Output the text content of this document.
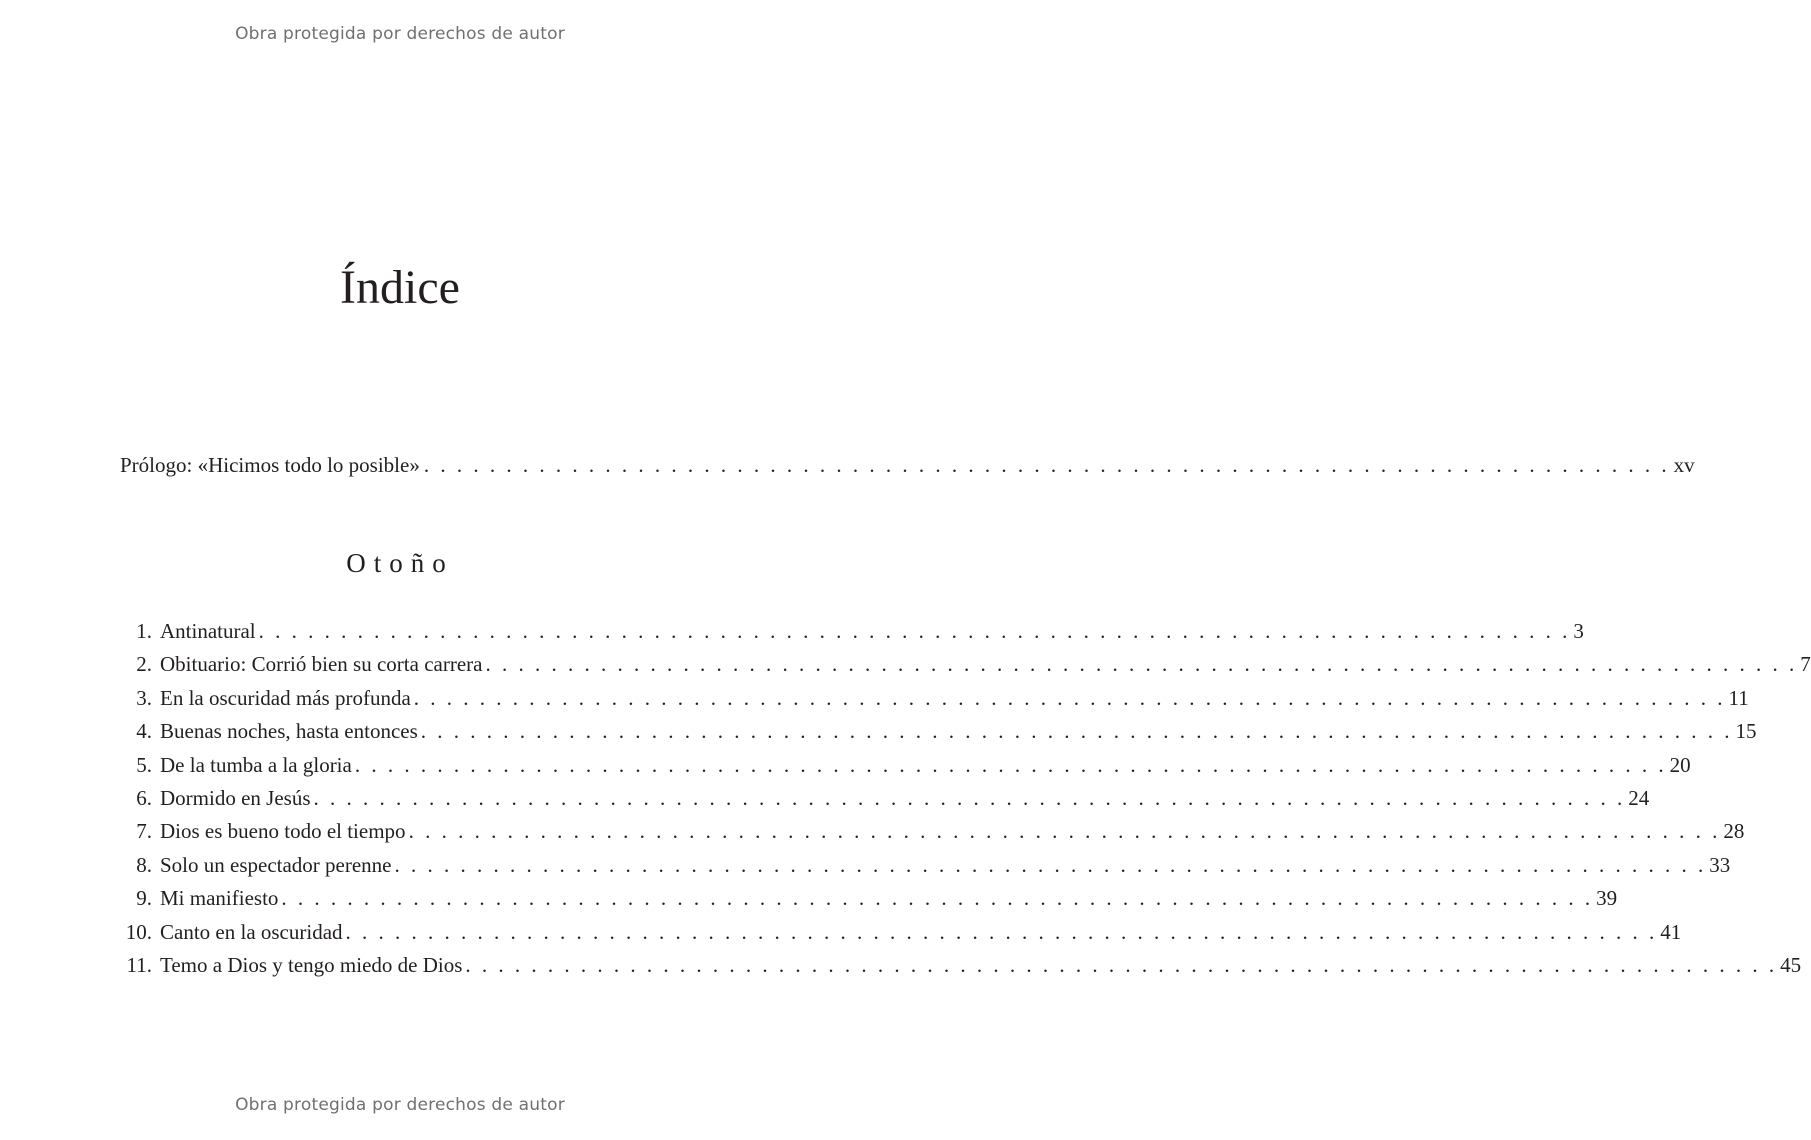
Obra protegida por derechos de autor
Índice
Prólogo: «Hicimos todo lo posible» . . . . . . . . . . . . . . . . . . . . . . . . . . . . . . . . . . . . . . . . . . . . . . . . . . . . . . . . . . . . . . . . . . . . . . . . . . . . xv
Otoño
1. Antinatural . . . . . . . . . . . . . . . . . . . . . . . . . . . . . . . . . . . . . . . . . . . . . . . . . . . . . . . . . . . . . . . . . . . . . . . . . . . . . . . . 3
2. Obituario: Corrió bien su corta carrera . . . . . . . . . . . . . . . . . . . . . . . . . . . . . . . . . . . . . . . . . . . . . . . . . . . . . . . . . . . . . . . . . . . . . . . . . . . . . . . . 7
3. En la oscuridad más profunda . . . . . . . . . . . . . . . . . . . . . . . . . . . . . . . . . . . . . . . . . . . . . . . . . . . . . . . . . . . . . . . . . . . . . . . . . . . . . . . . 11
4. Buenas noches, hasta entonces . . . . . . . . . . . . . . . . . . . . . . . . . . . . . . . . . . . . . . . . . . . . . . . . . . . . . . . . . . . . . . . . . . . . . . . . . . . . . . . . 15
5. De la tumba a la gloria . . . . . . . . . . . . . . . . . . . . . . . . . . . . . . . . . . . . . . . . . . . . . . . . . . . . . . . . . . . . . . . . . . . . . . . . . . . . . . . . 20
6. Dormido en Jesús . . . . . . . . . . . . . . . . . . . . . . . . . . . . . . . . . . . . . . . . . . . . . . . . . . . . . . . . . . . . . . . . . . . . . . . . . . . . . . . . 24
7. Dios es bueno todo el tiempo . . . . . . . . . . . . . . . . . . . . . . . . . . . . . . . . . . . . . . . . . . . . . . . . . . . . . . . . . . . . . . . . . . . . . . . . . . . . . . . . 28
8. Solo un espectador perenne . . . . . . . . . . . . . . . . . . . . . . . . . . . . . . . . . . . . . . . . . . . . . . . . . . . . . . . . . . . . . . . . . . . . . . . . . . . . . . . . 33
9. Mi manifiesto . . . . . . . . . . . . . . . . . . . . . . . . . . . . . . . . . . . . . . . . . . . . . . . . . . . . . . . . . . . . . . . . . . . . . . . . . . . . . . . . 39
10. Canto en la oscuridad . . . . . . . . . . . . . . . . . . . . . . . . . . . . . . . . . . . . . . . . . . . . . . . . . . . . . . . . . . . . . . . . . . . . . . . . . . . . . . . . 41
11. Temo a Dios y tengo miedo de Dios . . . . . . . . . . . . . . . . . . . . . . . . . . . . . . . . . . . . . . . . . . . . . . . . . . . . . . . . . . . . . . . . . . . . . . . . . . . . . . . . 45
Obra protegida por derechos de autor
